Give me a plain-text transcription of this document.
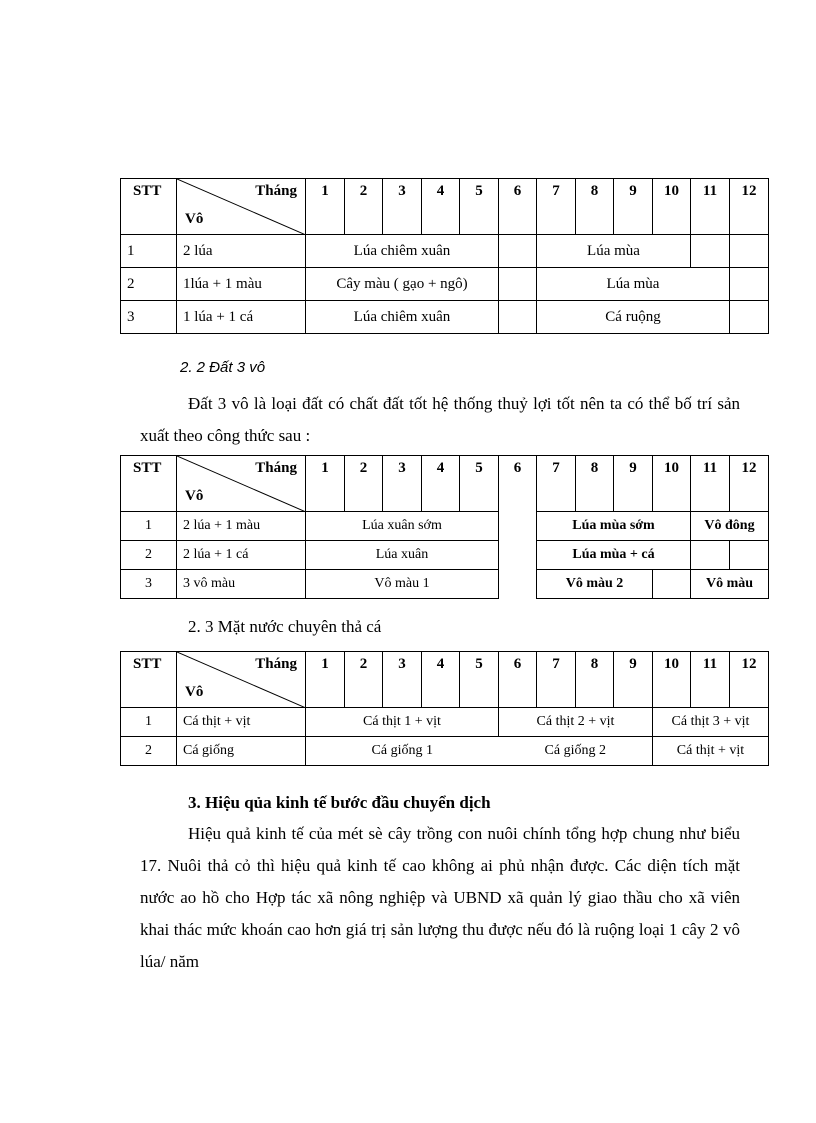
STT	Tháng
Vô	1	2	3	4	5	6	7	8	9	10	11	12
1	2 lúa	Lúa chiêm xuân						Lúa mùa					
2	1lúa + 1 màu	Cây màu ( gạo + ngô)						Lúa mùa					
3	1 lúa + 1 cá	Lúa chiêm xuân						Cá ruộng					
2. 2 Đất 3 vô

Đất 3 vô là loại đất có chất đất tốt hệ thống thuỷ lợi tốt nên ta có thể bố trí sản xuất theo công thức sau :

STT	Tháng
Vô	1	2	3	4	5	6	7	8	9	10	11	12
1	2 lúa + 1 màu	Lúa xuân sớm						Lúa mùa sớm				Vô đông	
2	2 lúa + 1 cá	Lúa xuân						Lúa mùa + cá					
3	3 vô màu	Vô màu 1						Vô màu 2				Vô màu	
2. 3 Mặt nước chuyên thả cá
STT	Tháng
Vô	1	2	3	4	5	6	7	8	9	10	11	12
1	Cá thịt + vịt	Cá thịt 1 + vịt					Cá thịt 2 + vịt				Cá thịt 3 + vịt		
2	Cá giống	Cá giống 1					Cá giống 2				Cá thịt + vịt		
3. Hiệu qủa kinh tế bước đầu chuyển dịch

Hiệu quả kinh tế của mét sè cây trồng con nuôi chính tổng hợp chung như biểu 17. Nuôi thả cỏ thì hiệu quả kinh tế cao không ai phủ nhận được. Các diện tích mặt nước ao hồ cho Hợp tác xã nông nghiệp và UBND xã quản lý giao thầu cho xã viên khai thác mức khoán cao hơn giá trị sản lượng thu được nếu đó là ruộng loại 1 cây 2 vô lúa/ năm
